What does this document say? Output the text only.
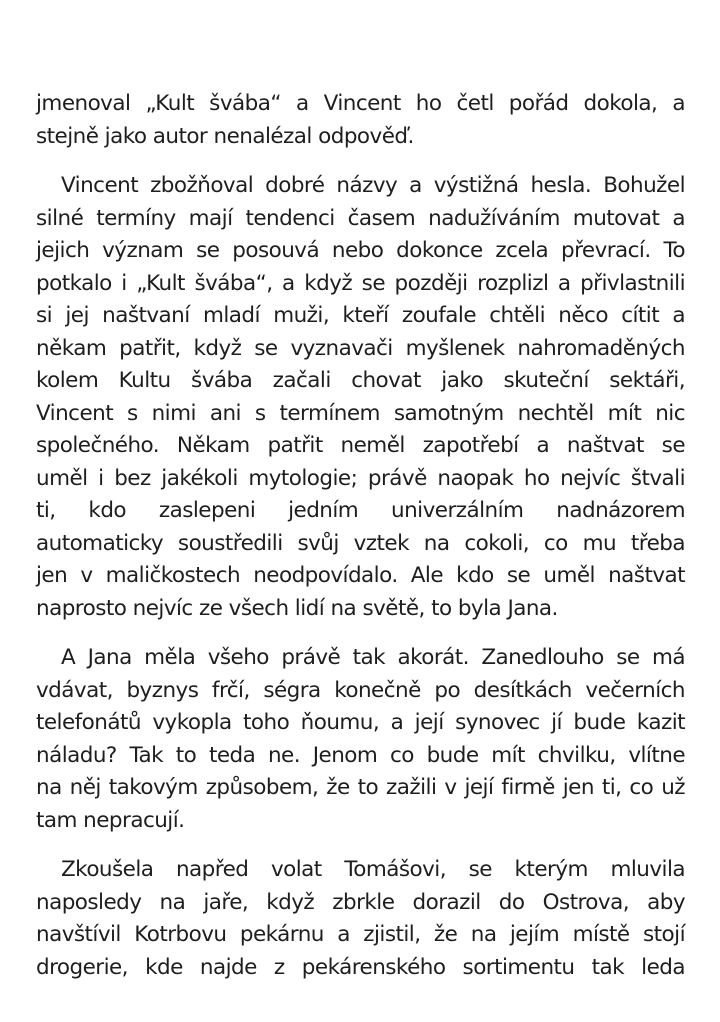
jmenoval „Kult švába“ a Vincent ho četl pořád dokola, a
stejně jako autor nenalézal odpověď.
Vincent zbožňoval dobré názvy a výstižná hesla. Bohužel
silné termíny mají tendenci časem nadužíváním mutovat a
jejich význam se posouvá nebo dokonce zcela převrací. To
potkalo i „Kult švába“, a když se později rozplizl a přivlastnili
si jej naštvaní mladí muži, kteří zoufale chtěli něco cítit a
někam patřit, když se vyznavači myšlenek nahromaděných
kolem Kultu švába začali chovat jako skuteční sektáři,
Vincent s nimi ani s termínem samotným nechtěl mít nic
společného. Někam patřit neměl zapotřebí a naštvat se
uměl i bez jakékoli mytologie; právě naopak ho nejvíc štvali
ti, kdo zaslepeni jedním univerzálním nadnázorem
automaticky soustředili svůj vztek na cokoli, co mu třeba
jen v maličkostech neodpovídalo. Ale kdo se uměl naštvat
naprosto nejvíc ze všech lidí na světě, to byla Jana.
A Jana měla všeho právě tak akorát. Zanedlouho se má
vdávat, byznys frčí, ségra konečně po desítkách večerních
telefonátů vykopla toho ňoumu, a její synovec jí bude kazit
náladu? Tak to teda ne. Jenom co bude mít chvilku, vlítne
na něj takovým způsobem, že to zažili v její firmě jen ti, co už
tam nepracují.
Zkoušela napřed volat Tomášovi, se kterým mluvila
naposledy na jaře, když zbrkle dorazil do Ostrova, aby
navštívil Kotrbovu pekárnu a zjistil, že na jejím místě stojí
drogerie, kde najde z pekárenského sortimentu tak leda
